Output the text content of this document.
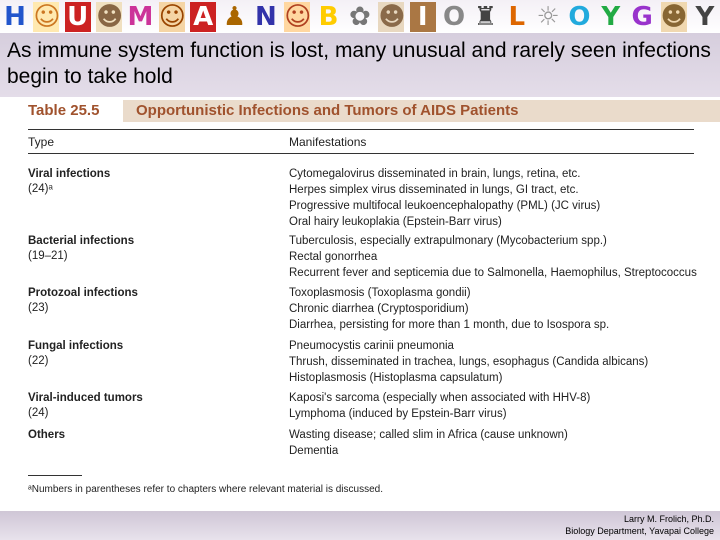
H ☺ U ☻ M ☺ A ♟ N ☺ B ✿ ☻ I O ♜ L ☼ O Y G ☻ Y
As immune system function is lost, many unusual and rarely seen infections begin to take hold
Table 25.5 Opportunistic Infections and Tumors of AIDS Patients
Type	Manifestations
Viral infections
(24)ᵃ
Cytomegalovirus disseminated in brain, lungs, retina, etc.
Herpes simplex virus disseminated in lungs, GI tract, etc.
Progressive multifocal leukoencephalopathy (PML) (JC virus)
Oral hairy leukoplakia (Epstein-Barr virus)
Bacterial infections
(19–21)
Tuberculosis, especially extrapulmonary (Mycobacterium spp.)
Rectal gonorrhea
Recurrent fever and septicemia due to Salmonella, Haemophilus, Streptococcus
Protozoal infections
(23)
Toxoplasmosis (Toxoplasma gondii)
Chronic diarrhea (Cryptosporidium)
Diarrhea, persisting for more than 1 month, due to Isospora sp.
Fungal infections
(22)
Pneumocystis carinii pneumonia
Thrush, disseminated in trachea, lungs, esophagus (Candida albicans)
Histoplasmosis (Histoplasma capsulatum)
Viral-induced tumors
(24)
Kaposi's sarcoma (especially when associated with HHV-8)
Lymphoma (induced by Epstein-Barr virus)
Others	Wasting disease; called slim in Africa (cause unknown)
Dementia
ᵃNumbers in parentheses refer to chapters where relevant material is discussed.
Larry M. Frolich, Ph.D.
Biology Department, Yavapai College
